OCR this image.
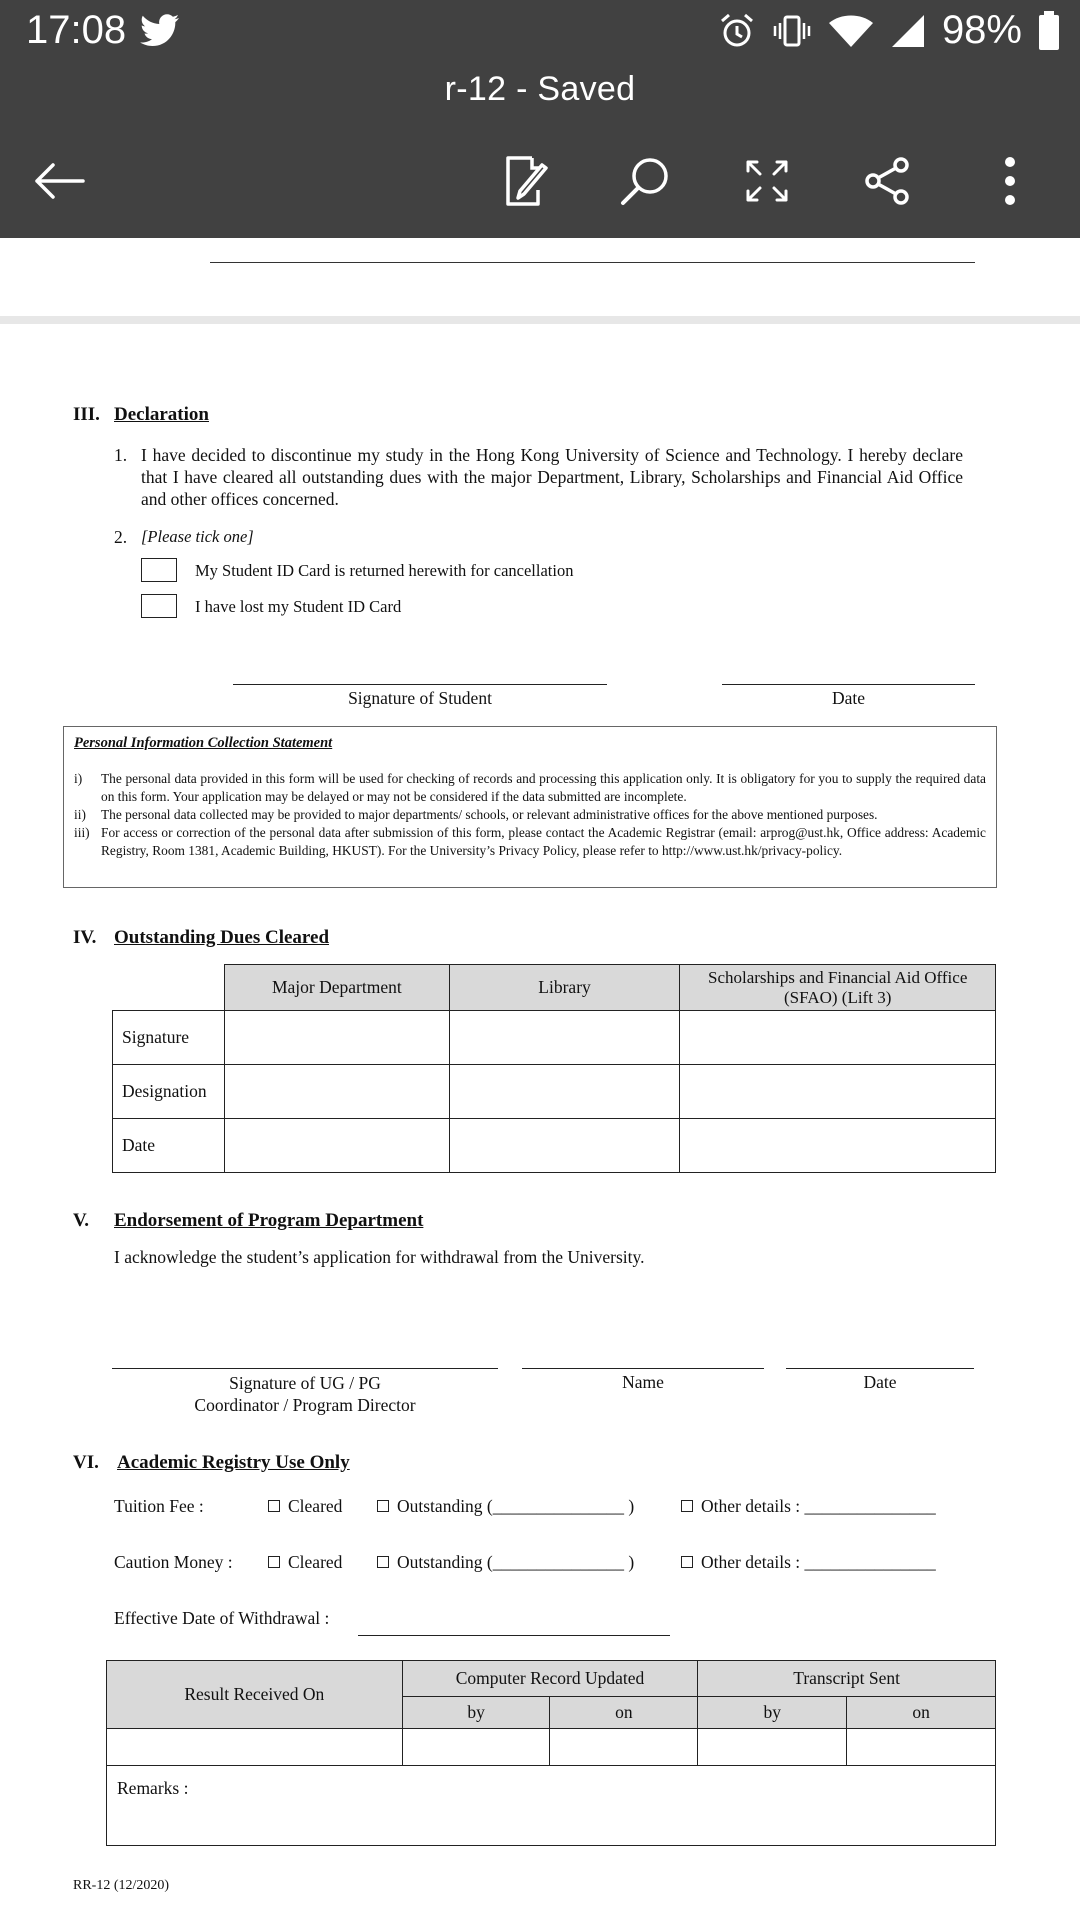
17:08	98%
r-12 - Saved
III. Declaration
1. I have decided to discontinue my study in the Hong Kong University of Science and Technology. I hereby declare that I have cleared all outstanding dues with the major Department, Library, Scholarships and Financial Aid Office and other offices concerned.
2. [Please tick one]
My Student ID Card is returned herewith for cancellation
I have lost my Student ID Card
Signature of Student	Date
Personal Information Collection Statement
i)	The personal data provided in this form will be used for checking of records and processing this application only. It is obligatory for you to supply the required data on this form. Your application may be delayed or may not be considered if the data submitted are incomplete.
ii)	The personal data collected may be provided to major departments/ schools, or relevant administrative offices for the above mentioned purposes.
iii) For access or correction of the personal data after submission of this form, please contact the Academic Registrar (email: arprog@ust.hk, Office address: Academic Registry, Room 1381, Academic Building, HKUST). For the University’s Privacy Policy, please refer to http://www.ust.hk/privacy-policy.
IV. Outstanding Dues Cleared
	Major Department	Library	Scholarships and Financial Aid Office (SFAO) (Lift 3)
Signature			
Designation			
Date			
V. Endorsement of Program Department
I acknowledge the student’s application for withdrawal from the University.
Signature of UG / PG
Coordinator / Program Director
Name	Date
VI. Academic Registry Use Only
Tuition Fee :	Cleared	Outstanding (_______________ )	Other details : _______________
Caution Money :	Cleared	Outstanding (_______________ )	Other details : _______________
Effective Date of Withdrawal :
Result Received On	Computer Record Updated		Transcript Sent	
	by	on	by	on

Remarks :				
RR-12 (12/2020)
